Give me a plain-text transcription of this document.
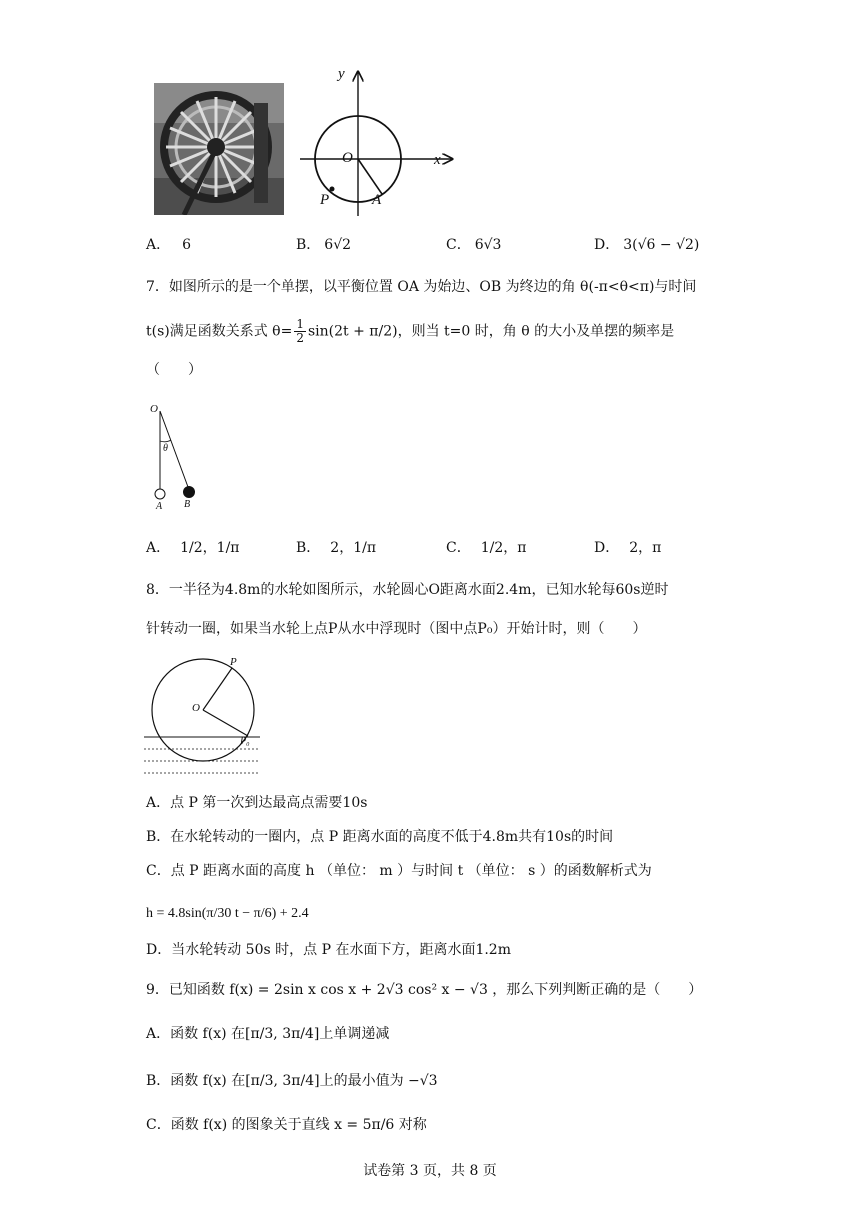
y
x
O
P	A
A． 6	B． 6√2	C． 6√3	D． 3(√6 − √2)
7．如图所示的是一个单摆，以平衡位置 OA 为始边、OB 为终边的角 θ(-π<θ<π)与时间
t(s)满足函数关系式 $\theta= \frac{1}{2} \sin(2t + \pi/2)$，则当 t=0 时，角 θ 的大小及单摆的频率是
（　　）
O
θ
A B
A． 1/2，1/π	B． 2，1/π	C． 1/2，π	D． 2，π
8．一半径为4.8m的水轮如图所示，水轮圆心O距离水面2.4m，已知水轮每60s逆时
针转动一圈，如果当水轮上点P从水中浮现时（图中点P₀）开始计时，则（　　）
P
O
P₀
A．点 P 第一次到达最高点需要10s
B．在水轮转动的一圈内，点 P 距离水面的高度不低于4.8m共有10s的时间
C．点 P 距离水面的高度 h （单位： m ）与时间 t （单位： s ）的函数解析式为
h = 4.8sin(π/30 t − π/6) + 2.4
D．当水轮转动 50s 时，点 P 在水面下方，距离水面1.2m
9．已知函数 f(x) = 2sin x cos x + 2√3 cos² x − √3 ，那么下列判断正确的是（　　）
A．函数 f(x) 在[π/3, 3π/4]上单调递减
B．函数 f(x) 在[π/3, 3π/4]上的最小值为 −√3
C．函数 f(x) 的图象关于直线 x = 5π/6 对称
试卷第 3 页，共 8 页
